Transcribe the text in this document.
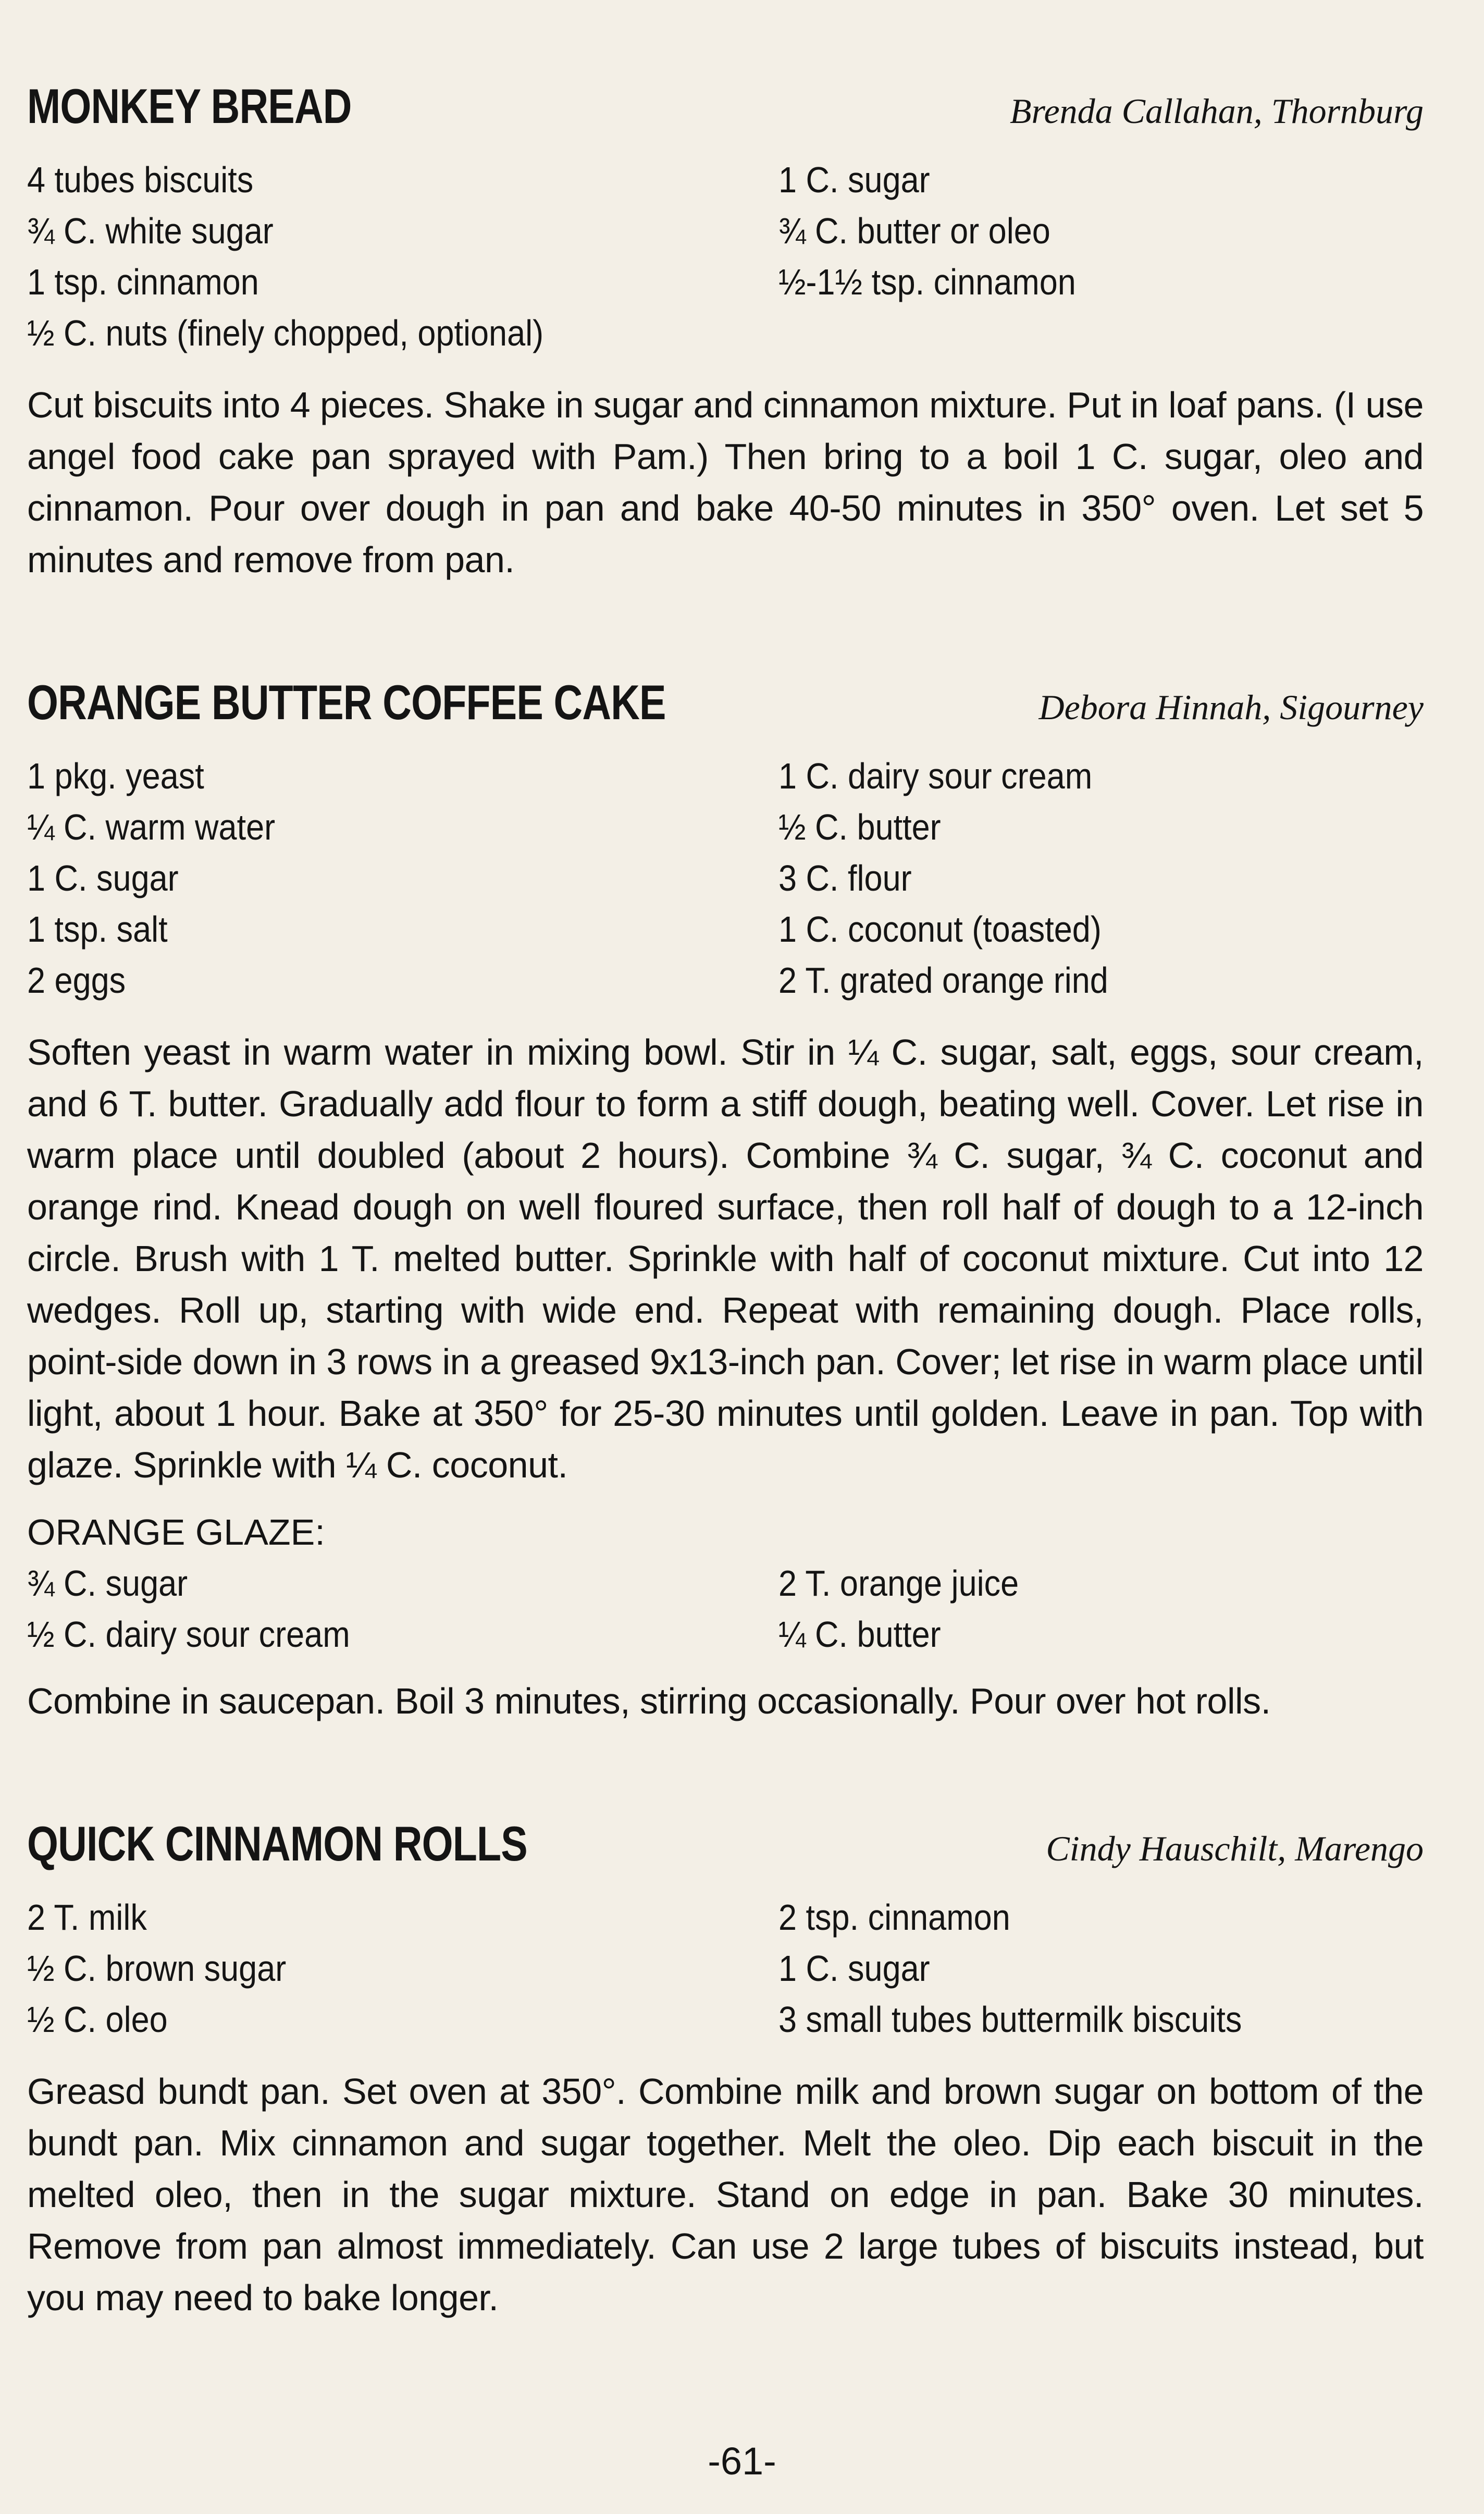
MONKEY BREAD	Brenda Callahan, Thornburg
4 tubes biscuits
¾ C. white sugar
1 tsp. cinnamon
½ C. nuts (finely chopped, optional)
1 C. sugar
¾ C. butter or oleo
½-1½ tsp. cinnamon

Cut biscuits into 4 pieces. Shake in sugar and cinnamon mixture. Put in loaf pans. (I use angel food cake pan sprayed with Pam.) Then bring to a boil 1 C. sugar, oleo and cinnamon. Pour over dough in pan and bake 40-50 minutes in 350° oven. Let set 5 minutes and remove from pan.

ORANGE BUTTER COFFEE CAKE	Debora Hinnah, Sigourney
1 pkg. yeast
¼ C. warm water
1 C. sugar
1 tsp. salt
2 eggs
1 C. dairy sour cream
½ C. butter
3 C. flour
1 C. coconut (toasted)
2 T. grated orange rind

Soften yeast in warm water in mixing bowl. Stir in ¼ C. sugar, salt, eggs, sour cream, and 6 T. butter. Gradually add flour to form a stiff dough, beating well. Cover. Let rise in warm place until doubled (about 2 hours). Combine ¾ C. sugar, ¾ C. coconut and orange rind. Knead dough on well floured surface, then roll half of dough to a 12-inch circle. Brush with 1 T. melted butter. Sprinkle with half of coconut mixture. Cut into 12 wedges. Roll up, starting with wide end. Repeat with remaining dough. Place rolls, point-side down in 3 rows in a greased 9x13-inch pan. Cover; let rise in warm place until light, about 1 hour. Bake at 350° for 25-30 minutes until golden. Leave in pan. Top with glaze. Sprinkle with ¼ C. coconut.

ORANGE GLAZE:
¾ C. sugar
½ C. dairy sour cream
2 T. orange juice
¼ C. butter

Combine in saucepan. Boil 3 minutes, stirring occasionally. Pour over hot rolls.

QUICK CINNAMON ROLLS	Cindy Hauschilt, Marengo
2 T. milk
½ C. brown sugar
½ C. oleo
2 tsp. cinnamon
1 C. sugar
3 small tubes buttermilk biscuits

Greasd bundt pan. Set oven at 350°. Combine milk and brown sugar on bottom of the bundt pan. Mix cinnamon and sugar together. Melt the oleo. Dip each biscuit in the melted oleo, then in the sugar mixture. Stand on edge in pan. Bake 30 minutes. Remove from pan almost immediately. Can use 2 large tubes of biscuits instead, but you may need to bake longer.

-61-
